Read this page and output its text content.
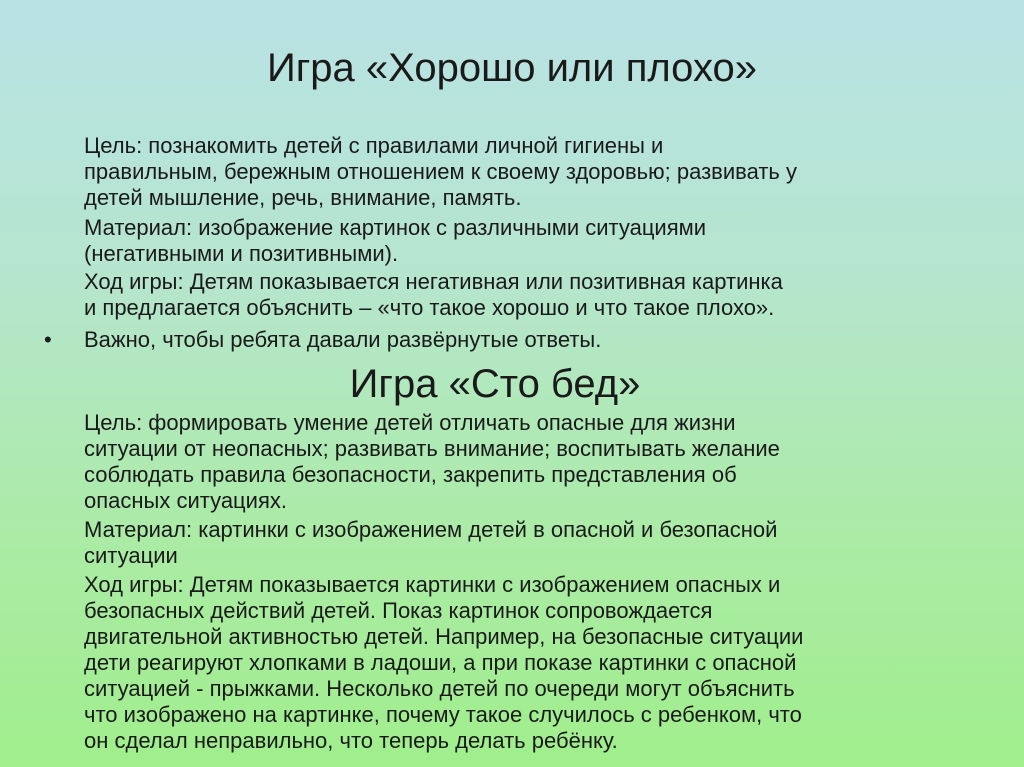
Игра «Хорошо или плохо»

Цель: познакомить детей с правилами личной гигиены и
правильным, бережным отношением к своему здоровью; развивать у
детей мышление, речь, внимание, память.

Материал: изображение картинок с различными ситуациями
(негативными и позитивными).

Ход игры: Детям показывается негативная или позитивная картинка
и предлагается объяснить – «что такое хорошо и что такое плохо».

• Важно, чтобы ребята давали развёрнутые ответы.
Игра «Сто бед»

Цель: формировать умение детей отличать опасные для жизни
ситуации от неопасных; развивать внимание; воспитывать желание
соблюдать правила безопасности, закрепить представления об
опасных ситуациях.

Материал: картинки с изображением детей в опасной и безопасной
ситуации

Ход игры: Детям показывается картинки с изображением опасных и
безопасных действий детей. Показ картинок сопровождается
двигательной активностью детей. Например, на безопасные ситуации
дети реагируют хлопками в ладоши, а при показе картинки с опасной
ситуацией - прыжками. Несколько детей по очереди могут объяснить
что изображено на картинке, почему такое случилось с ребенком, что
он сделал неправильно, что теперь делать ребёнку.
